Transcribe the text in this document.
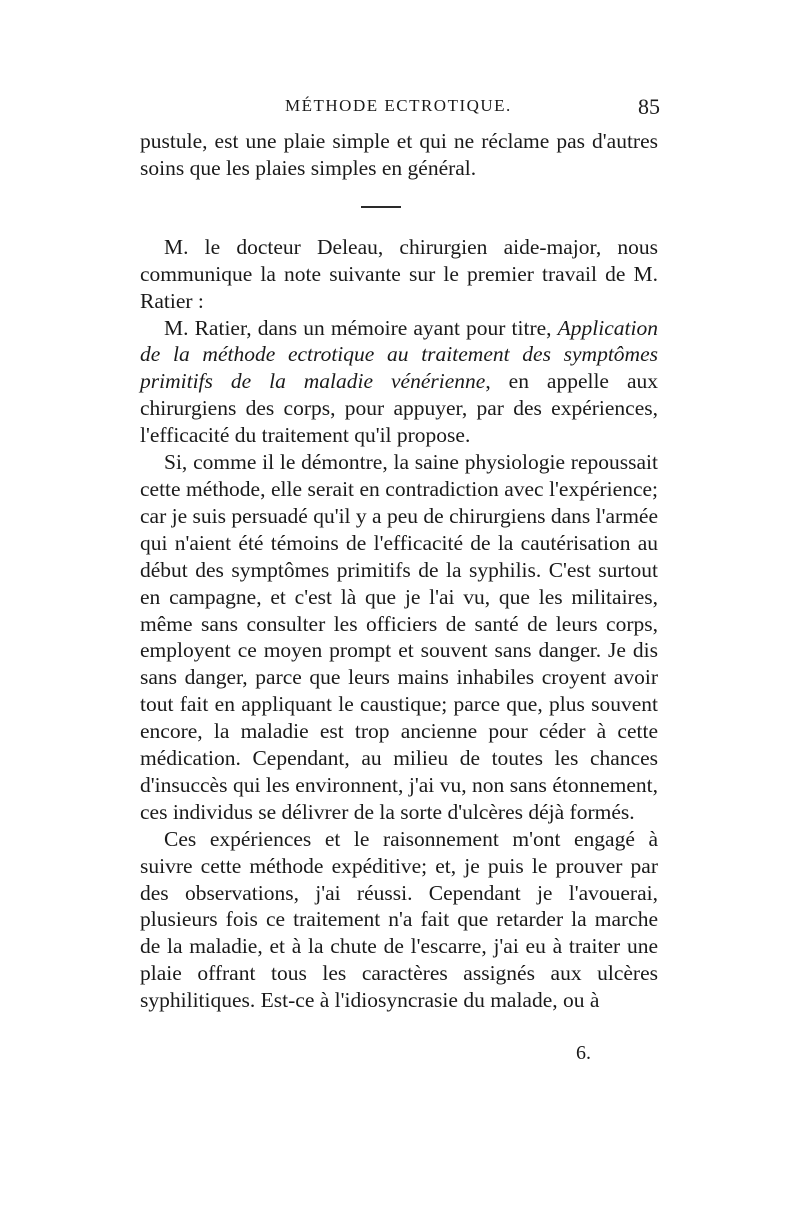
MÉTHODE ECTROTIQUE.	85

pustule, est une plaie simple et qui ne réclame pas d'autres soins que les plaies simples en général.

M. le docteur Deleau, chirurgien aide-major, nous communique la note suivante sur le premier travail de M. Ratier :

M. Ratier, dans un mémoire ayant pour titre, Application de la méthode ectrotique au traitement des symptômes primitifs de la maladie vénérienne, en appelle aux chirurgiens des corps, pour appuyer, par des expériences, l'efficacité du traitement qu'il propose.

Si, comme il le démontre, la saine physiologie repoussait cette méthode, elle serait en contradiction avec l'expérience; car je suis persuadé qu'il y a peu de chirurgiens dans l'armée qui n'aient été témoins de l'efficacité de la cautérisation au début des symptômes primitifs de la syphilis. C'est surtout en campagne, et c'est là que je l'ai vu, que les militaires, même sans consulter les officiers de santé de leurs corps, employent ce moyen prompt et souvent sans danger. Je dis sans danger, parce que leurs mains inhabiles croyent avoir tout fait en appliquant le caustique; parce que, plus souvent encore, la maladie est trop ancienne pour céder à cette médication. Cependant, au milieu de toutes les chances d'insuccès qui les environnent, j'ai vu, non sans étonnement, ces individus se délivrer de la sorte d'ulcères déjà formés.

Ces expériences et le raisonnement m'ont engagé à suivre cette méthode expéditive; et, je puis le prouver par des observations, j'ai réussi. Cependant je l'avouerai, plusieurs fois ce traitement n'a fait que retarder la marche de la maladie, et à la chute de l'escarre, j'ai eu à traiter une plaie offrant tous les caractères assignés aux ulcères syphilitiques. Est-ce à l'idiosyncrasie du malade, ou à

6.
